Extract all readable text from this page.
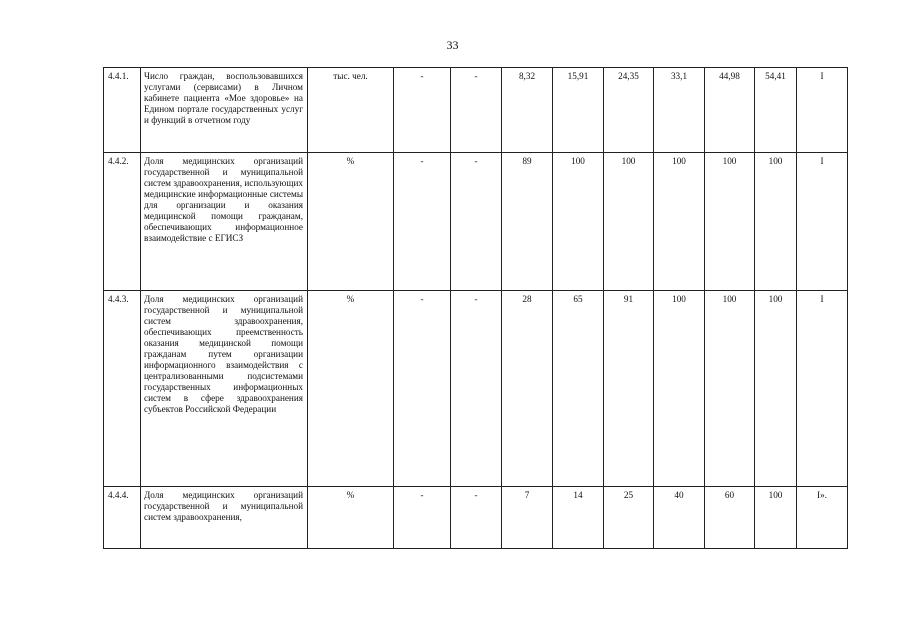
33
4.4.1.	Число граждан, воспользовавшихся услугами (сервисами) в Личном кабинете пациента «Мое здоровье» на Едином портале государственных услуг и функций в отчетном году	тыс. чел.	-	-	8,32	15,91	24,35	33,1	44,98	54,41	I
4.4.2.	Доля медицинских организаций государственной и муниципальной систем здравоохранения, использующих медицинские информационные системы для организации и оказания медицинской помощи гражданам, обеспечивающих информационное взаимодействие с ЕГИСЗ	%	-	-	89	100	100	100	100	100	I
4.4.3.	Доля медицинских организаций государственной и муниципальной систем здравоохранения, обеспечивающих преемственность оказания медицинской помощи гражданам путем организации информационного взаимодействия с централизованными подсистемами государственных информационных систем в сфере здравоохранения субъектов Российской Федерации	%	-	-	28	65	91	100	100	100	I
4.4.4.	Доля медицинских организаций государственной и муниципальной систем здравоохранения,	%	-	-	7	14	25	40	60	100	I».
